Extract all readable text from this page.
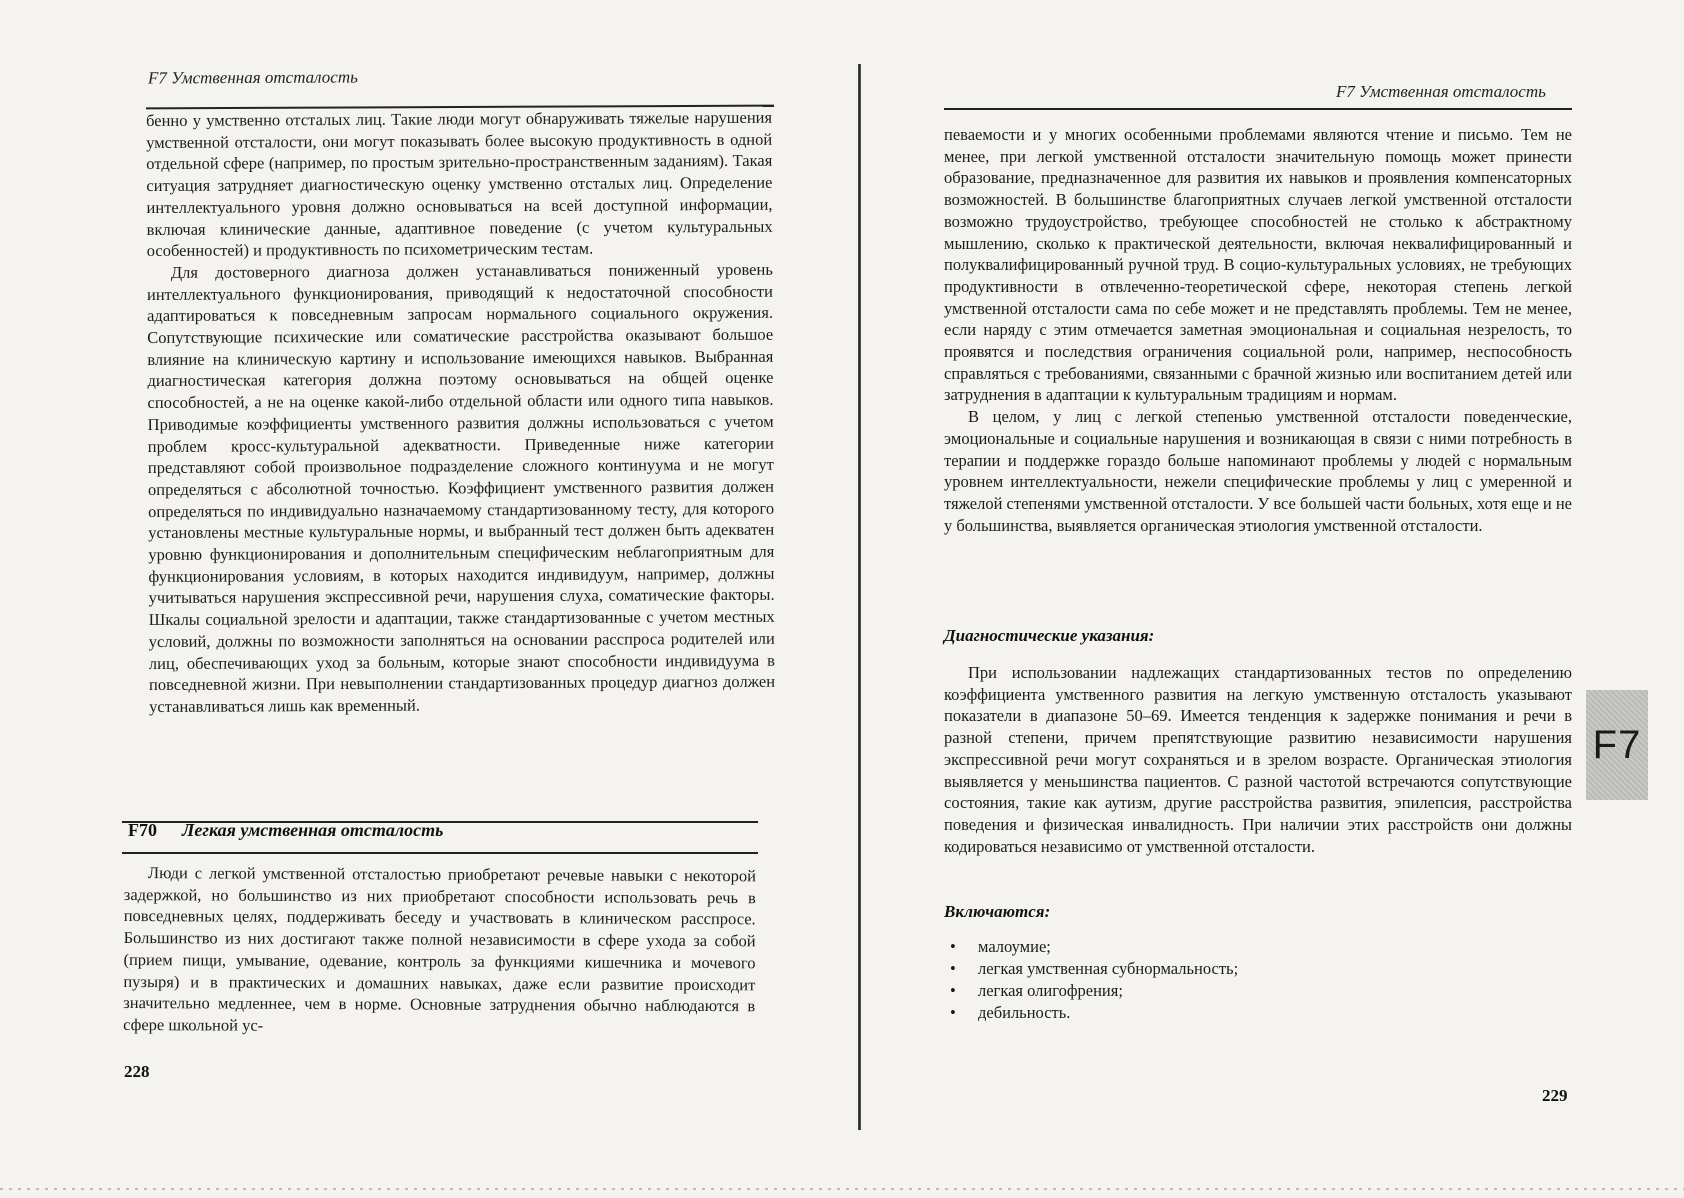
F7 Умственная отсталость

бенно у умственно отсталых лиц. Такие люди могут обнаруживать тяжелые нарушения умственной отсталости, они могут показывать более высокую продуктивность в одной отдельной сфере (например, по простым зрительно-пространственным заданиям). Такая ситуация затрудняет диагностическую оценку умственно отсталых лиц. Определение интеллектуального уровня должно основываться на всей доступной информации, включая клинические данные, адаптивное поведение (с учетом культуральных особенностей) и продуктивность по психометрическим тестам.

Для достоверного диагноза должен устанавливаться пониженный уровень интеллектуального функционирования, приводящий к недостаточной способности адаптироваться к повседневным запросам нормального социального окружения. Сопутствующие психические или соматические расстройства оказывают большое влияние на клиническую картину и использование имеющихся навыков. Выбранная диагностическая категория должна поэтому основываться на общей оценке способностей, а не на оценке какой-либо отдельной области или одного типа навыков. Приводимые коэффициенты умственного развития должны использоваться с учетом проблем кросс-культуральной адекватности. Приведенные ниже категории представляют собой произвольное подразделение сложного континуума и не могут определяться с абсолютной точностью. Коэффициент умственного развития должен определяться по индивидуально назначаемому стандартизованному тесту, для которого установлены местные культуральные нормы, и выбранный тест должен быть адекватен уровню функционирования и дополнительным специфическим неблагоприятным для функционирования условиям, в которых находится индивидуум, например, должны учитываться нарушения экспрессивной речи, нарушения слуха, соматические факторы. Шкалы социальной зрелости и адаптации, также стандартизованные с учетом местных условий, должны по возможности заполняться на основании расспроса родителей или лиц, обеспечивающих уход за больным, которые знают способности индивидуума в повседневной жизни. При невыполнении стандартизованных процедур диагноз должен устанавливаться лишь как временный.

F70 Легкая умственная отсталость

Люди с легкой умственной отсталостью приобретают речевые навыки с некоторой задержкой, но большинство из них приобретают способности использовать речь в повседневных целях, поддерживать беседу и участвовать в клиническом расспросе. Большинство из них достигают также полной независимости в сфере ухода за собой (прием пищи, умывание, одевание, контроль за функциями кишечника и мочевого пузыря) и в практических и домашних навыках, даже если развитие происходит значительно медленнее, чем в норме. Основные затруднения обычно наблюдаются в сфере школьной ус-

228
F7 Умственная отсталость

певаемости и у многих особенными проблемами являются чтение и письмо. Тем не менее, при легкой умственной отсталости значительную помощь может принести образование, предназначенное для развития их навыков и проявления компенсаторных возможностей. В большинстве благоприятных случаев легкой умственной отсталости возможно трудоустройство, требующее способностей не столько к абстрактному мышлению, сколько к практической деятельности, включая неквалифицированный и полуквалифицированный ручной труд. В социо-культуральных условиях, не требующих продуктивности в отвлеченно-теоретической сфере, некоторая степень легкой умственной отсталости сама по себе может и не представлять проблемы. Тем не менее, если наряду с этим отмечается заметная эмоциональная и социальная незрелость, то проявятся и последствия ограничения социальной роли, например, неспособность справляться с требованиями, связанными с брачной жизнью или воспитанием детей или затруднения в адаптации к культуральным традициям и нормам.

В целом, у лиц с легкой степенью умственной отсталости поведенческие, эмоциональные и социальные нарушения и возникающая в связи с ними потребность в терапии и поддержке гораздо больше напоминают проблемы у людей с нормальным уровнем интеллектуальности, нежели специфические проблемы у лиц с умеренной и тяжелой степенями умственной отсталости. У все большей части больных, хотя еще и не у большинства, выявляется органическая этиология умственной отсталости.

Диагностические указания:

При использовании надлежащих стандартизованных тестов по определению коэффициента умственного развития на легкую умственную отсталость указывают показатели в диапазоне 50–69. Имеется тенденция к задержке понимания и речи в разной степени, причем препятствующие развитию независимости нарушения экспрессивной речи могут сохраняться и в зрелом возрасте. Органическая этиология выявляется у меньшинства пациентов. С разной частотой встречаются сопутствующие состояния, такие как аутизм, другие расстройства развития, эпилепсия, расстройства поведения и физическая инвалидность. При наличии этих расстройств они должны кодироваться независимо от умственной отсталости.

Включаются:
• малоумие;
• легкая умственная субнормальность;
• легкая олигофрения;
• дебильность.
229
F7
